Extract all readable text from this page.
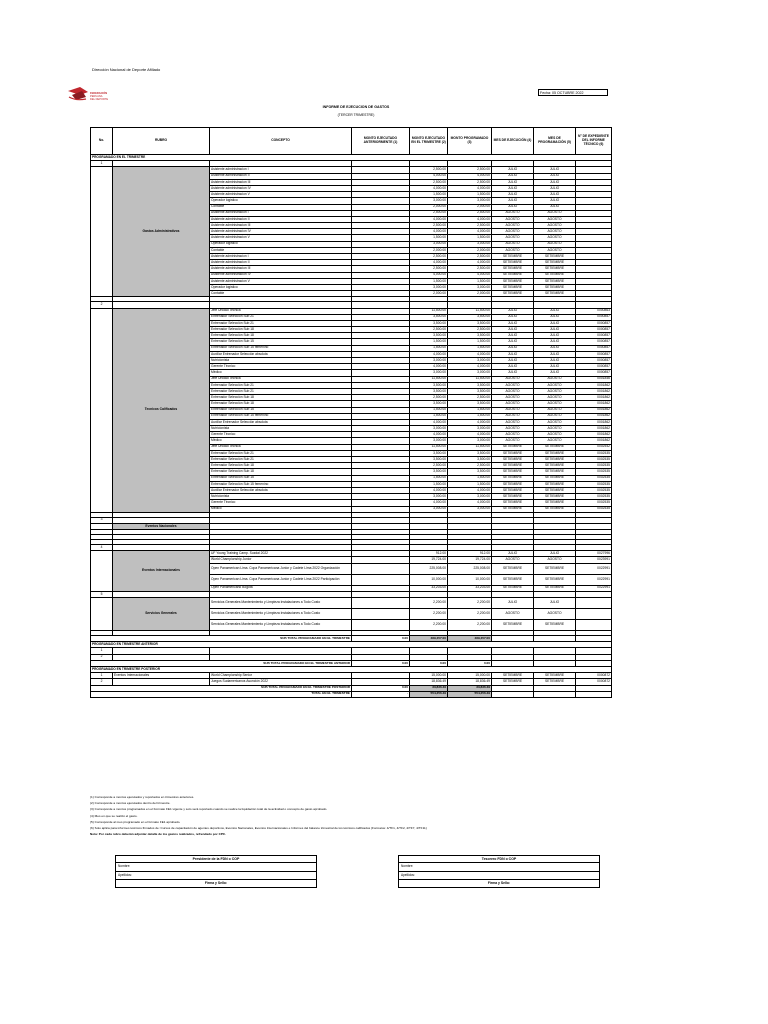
Dirección Nacional de Deporte Afiliado
FEDERACIÓN
PERUANA
DEL DEPORTE
Fecha: 05 OCTUBRE 2022
INFORME DE EJECUCION DE GASTOS
(TERCER TRIMESTRE)
No.	RUBRO	CONCEPTO	MONTO EJECUTADO ANTERIORMENTE (1)	MONTO EJECUTADO EN EL TRIMESTRE (2)	MONTO PROGRAMADO (3)	MES DE EJECUCIÓN (4)	MES DE PROGRAMACIÓN (5)	N° DE EXPEDIENTE DEL INFORME TÉCNICO (6)
PROGRAMADO EN EL TRIMESTRE								
1								
	Gastos Administrativos	Asistente administracion I		2,500.00	2,500.00	JULIO	JULIO	
		Asistente administracion II		4,000.00	4,000.00	JULIO	JULIO	
		Asistente administracion III		2,500.00	2,500.00	JULIO	JULIO	
		Asistente administracion IV		4,000.00	4,000.00	JULIO	JULIO	
		Asistente administracion V		1,500.00	1,500.00	JULIO	JULIO	
		Operador logistico		3,000.00	3,000.00	JULIO	JULIO	
		Contable		2,000.00	2,000.00	JULIO	JULIO	
		Asistente administracion I		2,500.00	2,500.00	AGOSTO	AGOSTO	
		Asistente administracion II		4,000.00	4,000.00	AGOSTO	AGOSTO	
		Asistente administracion III		2,500.00	2,500.00	AGOSTO	AGOSTO	
		Asistente administracion IV		4,000.00	4,000.00	AGOSTO	AGOSTO	
		Asistente administracion V		1,500.00	1,500.00	AGOSTO	AGOSTO	
		Operador logistico		3,000.00	3,000.00	AGOSTO	AGOSTO	
		Contable		2,000.00	2,000.00	AGOSTO	AGOSTO	
		Asistente administracion I		2,500.00	2,500.00	SETIEMBRE	SETIEMBRE	
		Asistente administracion II		4,000.00	4,000.00	SETIEMBRE	SETIEMBRE	
		Asistente administracion III		2,500.00	2,500.00	SETIEMBRE	SETIEMBRE	
		Asistente administracion IV		4,000.00	4,000.00	SETIEMBRE	SETIEMBRE	
		Asistente administracion V		1,500.00	1,500.00	SETIEMBRE	SETIEMBRE	
		Operador logistico		3,000.00	3,000.00	SETIEMBRE	SETIEMBRE	
		Contable		2,000.00	2,000.00	SETIEMBRE	SETIEMBRE	

2								
	Tecnicos Calificados	Jefe Unidad Tecnica		11,500.00	11,500.00	JULIO	JULIO	0000863
		Entrenador Selección Sub 21		3,500.00	3,500.00	JULIO	JULIO	0000857
		Entrenador Selección Sub 21		3,500.00	3,500.00	JULIO	JULIO	0000857
		Entrenador Selección Sub 18		2,500.00	2,500.00	JULIO	JULIO	0000857
		Entrenador Selección Sub 18		3,500.00	3,500.00	JULIO	JULIO	0000857
		Entrenador Selección Sub 15		1,500.00	1,500.00	JULIO	JULIO	0000857
		Entrenador Selección Sub 15 femenino		1,500.00	1,500.00	JULIO	JULIO	0000857
		Auxiliar Entrenador Selección absoluta		4,000.00	4,000.00	JULIO	JULIO	0000857
		Nutricionista		3,000.00	3,000.00	JULIO	JULIO	0000857
		Gerente Técnico		4,000.00	4,000.00	JULIO	JULIO	0000857
		Médico		3,000.00	3,000.00	JULIO	JULIO	0000857
		Jefe Unidad Tecnica		11,500.00	11,500.00	AGOSTO	AGOSTO	0001846
		Entrenador Selección Sub 21		3,500.00	3,500.00	AGOSTO	AGOSTO	0001862
		Entrenador Selección Sub 21		3,500.00	3,500.00	AGOSTO	AGOSTO	0001862
		Entrenador Selección Sub 18		2,500.00	2,500.00	AGOSTO	AGOSTO	0001862
		Entrenador Selección Sub 18		3,500.00	3,500.00	AGOSTO	AGOSTO	0001862
		Entrenador Selección Sub 15		1,500.00	1,500.00	AGOSTO	AGOSTO	0001862
		Entrenador Selección Sub 15 femenino		1,500.00	1,500.00	AGOSTO	AGOSTO	0001862
		Auxiliar Entrenador Selección absoluta		4,000.00	4,000.00	AGOSTO	AGOSTO	0001862
		Nutricionista		3,000.00	3,000.00	AGOSTO	AGOSTO	0001862
		Gerente Técnico		4,000.00	4,000.00	AGOSTO	AGOSTO	0001862
		Médico		3,000.00	3,000.00	AGOSTO	AGOSTO	0001862
		Jefe Unidad Tecnica		11,500.00	11,500.00	SETIEMBRE	SETIEMBRE	0002542
		Entrenador Selección Sub 21		3,500.00	3,500.00	SETIEMBRE	SETIEMBRE	0002535
		Entrenador Selección Sub 21		3,500.00	3,500.00	SETIEMBRE	SETIEMBRE	0002535
		Entrenador Selección Sub 18		2,500.00	2,500.00	SETIEMBRE	SETIEMBRE	0002535
		Entrenador Selección Sub 18		3,500.00	3,500.00	SETIEMBRE	SETIEMBRE	0002535
		Entrenador Selección Sub 15		1,500.00	1,500.00	SETIEMBRE	SETIEMBRE	0002535
		Entrenador Selección Sub 15 femenino		1,500.00	1,500.00	SETIEMBRE	SETIEMBRE	0002535
		Auxiliar Entrenador Selección absoluta		4,000.00	4,000.00	SETIEMBRE	SETIEMBRE	0002535
		Nutricionista		3,000.00	3,000.00	SETIEMBRE	SETIEMBRE	0002535
		Gerente Técnico		4,000.00	4,000.00	SETIEMBRE	SETIEMBRE	0002535
		Médico		3,000.00	3,000.00	SETIEMBRE	SETIEMBRE	0002535

3								
	Eventos Nacionales							

4								
	Eventos Internacionales	UF Young Training Camp. Suzdal 2022		912.00	912.00	JULIO	JULIO	0027996
		World Championship Junior		19,724.00	19,724.00	AGOSTO	AGOSTO	0023991
		Open Panamerican Lima. Copa Panamericana Junior y Cadete Lima 2022 Organización		225,008.00	225,008.00	SETIEMBRE	SETIEMBRE	0022991
		Open Panamerican Lima. Copa Panamericana Junior y Cadete Lima 2022 Participación		10,000.00	10,000.00	SETIEMBRE	SETIEMBRE	0022991
		Open Panamericano Bogotá		33,203.00	33,203.00	SETIEMBRE	SETIEMBRE	0022991
5								
	Servicios Generales	Servicios Generales Mantenimiento y Limpieza Instalaciones a Todo Costo		2,200.00	2,200.00	JULIO	JULIO	
		Servicios Generales Mantenimiento y Limpieza Instalaciones a Todo Costo		2,200.00	2,200.00	AGOSTO	AGOSTO	
		Servicios Generales Mantenimiento y Limpieza Instalaciones a Todo Costo		2,200.00	2,200.00	SETIEMBRE	SETIEMBRE	

SUB TOTAL PROGRAMADO EN EL TRIMESTRE			0.00	489,457.00	489,457.00			
PROGRAMADO EN TRIMESTRE ANTERIOR								
1								
2								
SUB TOTAL PROGRAMADO EN EL TRIMESTRE ANTERIOR			0.00	0.00	0.00			
PROGRAMADO EN TRIMESTRE POSTERIOR								
1	Eventos Internacionales	World Championship Senior		15,000.00	15,000.00	SETIEMBRE	SETIEMBRE	0000872
2		Juegos Sudamericanos Asunción 2022		18,836.49	18,836.49	SETIEMBRE	SETIEMBRE	0000872
SUB TOTAL PROGRAMADO EN EL TRIMESTRE POSTERIOR			0.00	33,836.49	33,836.49			
TOTAL EN EL TRIMESTRE			-	554,256.49	554,256.49			
(1) Corresponde a montos ejecutados y reportados en trimestres anteriores.
(2) Corresponde a montos ejecutados dentro del trimestre.
(3) Corresponde a montos programados en el Formato FE1 vigente y solo será reportado cuando se realice la liquidación total de la actividad o concepto de gasto aprobado.
(4) Mes en que se realizó el gasto.
(5) Corresponde al mes programado en el formato FE1 aprobado.
(6) Solo aplica para informes técnicos firmados de: Cursos de capacitación de agentes deportivos, Eventos Nacionales, Eventos Internacionales e Informes del balance trimestral de los técnicos calificados (Formatos: 4/TF1, 4/TF2, 4/TF7, 4/TF11)
Nota: Por cada rubro deberán adjuntar detalle de los gastos realizados, refrendado por CPC.
Presidente de la FDN o COP
Nombre:
Apellidos:
Firma y Sello:
Tesorero FDN o COP
Nombre:
Apellidos:
Firma y Sello:
